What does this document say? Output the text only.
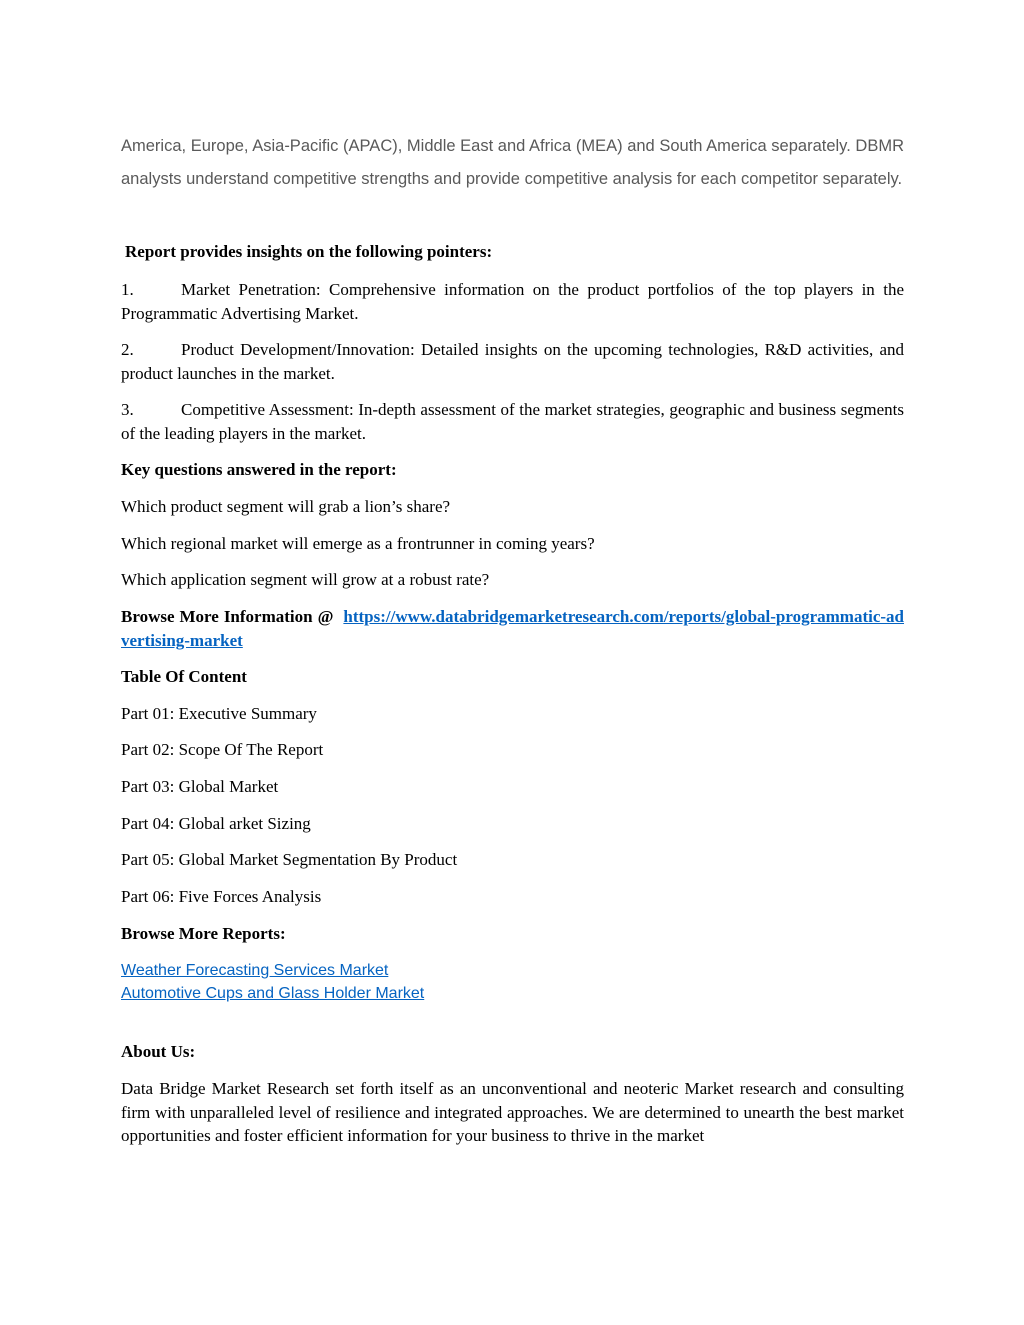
America, Europe, Asia-Pacific (APAC), Middle East and Africa (MEA) and South America separately. DBMR analysts understand competitive strengths and provide competitive analysis for each competitor separately.

Report provides insights on the following pointers:

1.	Market Penetration: Comprehensive information on the product portfolios of the top players in the Programmatic Advertising Market.
2.	Product Development/Innovation: Detailed insights on the upcoming technologies, R&D activities, and product launches in the market.
3.	Competitive Assessment: In-depth assessment of the market strategies, geographic and business segments of the leading players in the market.

Key questions answered in the report:

Which product segment will grab a lion’s share?

Which regional market will emerge as a frontrunner in coming years?

Which application segment will grow at a robust rate?

Browse More Information @ https://www.databridgemarketresearch.com/reports/global-programmatic-advertising-market

Table Of Content

Part 01: Executive Summary

Part 02: Scope Of The Report

Part 03: Global Market

Part 04: Global arket Sizing

Part 05: Global Market Segmentation By Product

Part 06: Five Forces Analysis

Browse More Reports:

Weather Forecasting Services Market
Automotive Cups and Glass Holder Market

About Us:

Data Bridge Market Research set forth itself as an unconventional and neoteric Market research and consulting firm with unparalleled level of resilience and integrated approaches. We are determined to unearth the best market opportunities and foster efficient information for your business to thrive in the market
